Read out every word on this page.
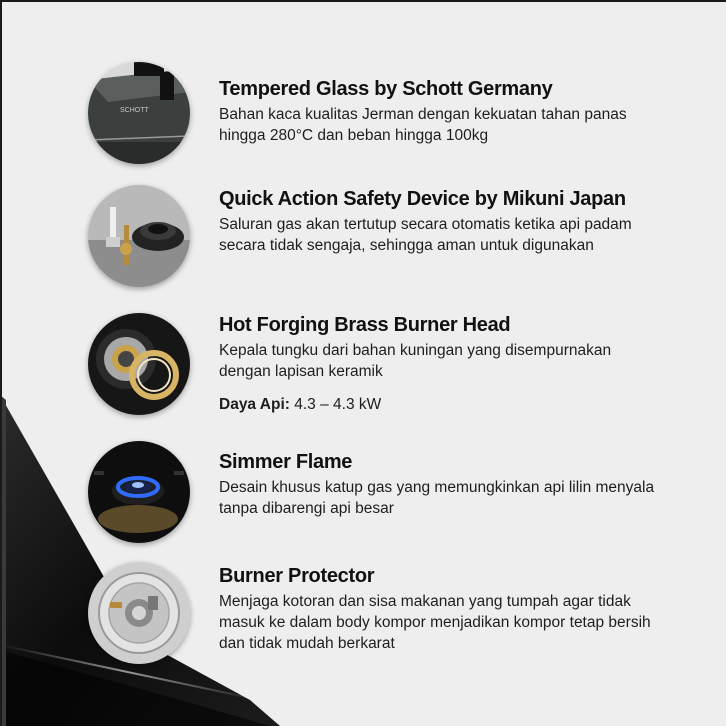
SCHOTT
Tempered Glass by Schott Germany
Bahan kaca kualitas Jerman dengan kekuatan tahan panas hingga 280°C dan beban hingga 100kg
Quick Action Safety Device by Mikuni Japan
Saluran gas akan tertutup secara otomatis ketika api padam secara tidak sengaja, sehingga aman untuk digunakan
Hot Forging Brass Burner Head
Kepala tungku dari bahan kuningan yang disempurnakan dengan lapisan keramik
Daya Api: 4.3 – 4.3 kW
Simmer Flame
Desain khusus katup gas yang memungkinkan api lilin menyala tanpa dibarengi api besar
Burner Protector
Menjaga kotoran dan sisa makanan yang tumpah agar tidak masuk ke dalam body kompor menjadikan kompor tetap bersih dan tidak mudah berkarat
